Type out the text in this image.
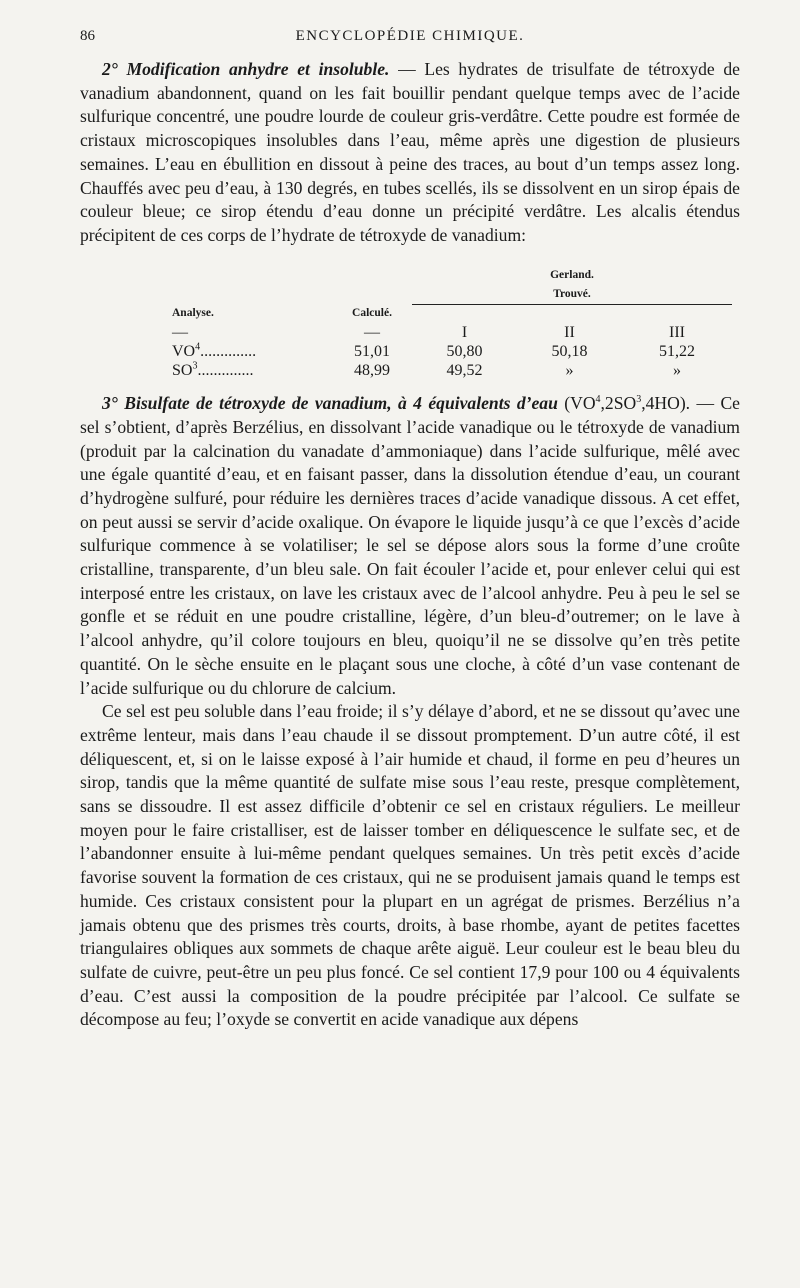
86	ENCYCLOPÉDIE CHIMIQUE.

2° Modification anhydre et insoluble. — Les hydrates de trisulfate de tétroxyde de vanadium abandonnent, quand on les fait bouillir pendant quelque temps avec de l’acide sulfurique concentré, une poudre lourde de couleur gris-verdâtre. Cette poudre est formée de cristaux microscopiques insolubles dans l’eau, même après une digestion de plusieurs semaines. L’eau en ébullition en dissout à peine des traces, au bout d’un temps assez long. Chauffés avec peu d’eau, à 130 degrés, en tubes scellés, ils se dissolvent en un sirop épais de couleur bleue; ce sirop étendu d’eau donne un précipité verdâtre. Les alcalis étendus précipitent de ces corps de l’hydrate de tétroxyde de vanadium:

		Gerland.		
		Trouvé.		
Analyse.	Calculé.			
—	—	I	II	III
$VO^4$..............	51,01	50,80	50,18	51,22
$SO^3$..............	48,99	49,52	»	»

3° Bisulfate de tétroxyde de vanadium, à 4 équivalents d’eau $(VO^4,2SO^3,4HO)$. — Ce sel s’obtient, d’après Berzélius, en dissolvant l’acide vanadique ou le tétroxyde de vanadium (produit par la calcination du vanadate d’ammoniaque) dans l’acide sulfurique, mêlé avec une égale quantité d’eau, et en faisant passer, dans la dissolution étendue d’eau, un courant d’hydrogène sulfuré, pour réduire les dernières traces d’acide vanadique dissous. A cet effet, on peut aussi se servir d’acide oxalique. On évapore le liquide jusqu’à ce que l’excès d’acide sulfurique commence à se volatiliser; le sel se dépose alors sous la forme d’une croûte cristalline, transparente, d’un bleu sale. On fait écouler l’acide et, pour enlever celui qui est interposé entre les cristaux, on lave les cristaux avec de l’alcool anhydre. Peu à peu le sel se gonfle et se réduit en une poudre cristalline, légère, d’un bleu-d’outremer; on le lave à l’alcool anhydre, qu’il colore toujours en bleu, quoiqu’il ne se dissolve qu’en très petite quantité. On le sèche ensuite en le plaçant sous une cloche, à côté d’un vase contenant de l’acide sulfurique ou du chlorure de calcium.

Ce sel est peu soluble dans l’eau froide; il s’y délaye d’abord, et ne se dissout qu’avec une extrême lenteur, mais dans l’eau chaude il se dissout promptement. D’un autre côté, il est déliquescent, et, si on le laisse exposé à l’air humide et chaud, il forme en peu d’heures un sirop, tandis que la même quantité de sulfate mise sous l’eau reste, presque complètement, sans se dissoudre. Il est assez difficile d’obtenir ce sel en cristaux réguliers. Le meilleur moyen pour le faire cristalliser, est de laisser tomber en déliquescence le sulfate sec, et de l’abandonner ensuite à lui-même pendant quelques semaines. Un très petit excès d’acide favorise souvent la formation de ces cristaux, qui ne se produisent jamais quand le temps est humide. Ces cristaux consistent pour la plupart en un agrégat de prismes. Berzélius n’a jamais obtenu que des prismes très courts, droits, à base rhombe, ayant de petites facettes triangulaires obliques aux sommets de chaque arête aiguë. Leur couleur est le beau bleu du sulfate de cuivre, peut-être un peu plus foncé. Ce sel contient 17,9 pour 100 ou 4 équivalents d’eau. C’est aussi la composition de la poudre précipitée par l’alcool. Ce sulfate se décompose au feu; l’oxyde se convertit en acide vanadique aux dépens
